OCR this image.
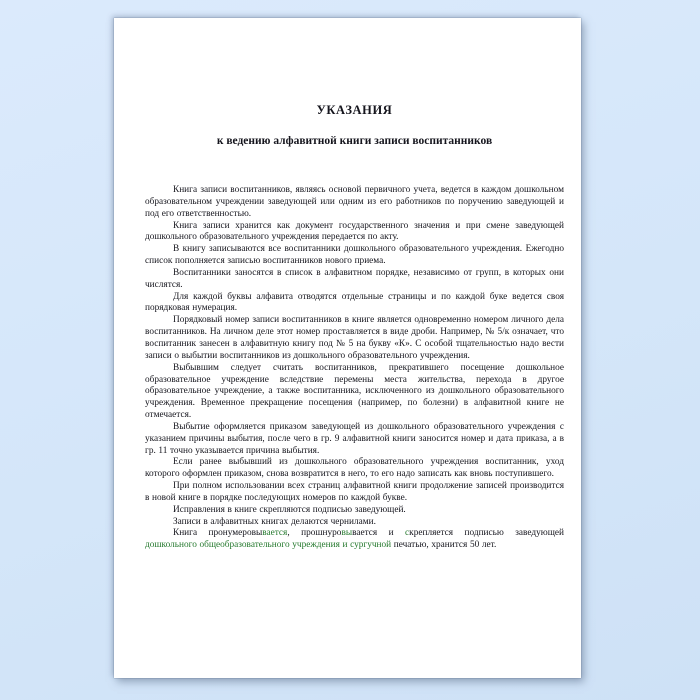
УКАЗАНИЯ
к ведению алфавитной книги записи воспитанников

Книга записи воспитанников, являясь основой первичного учета, ведется в каждом дошкольном образовательном учреждении заведующей или одним из его работников по поручению заведующей и под его ответственностью.

Книга записи хранится как документ государственного значения и при смене заведующей дошкольного образовательного учреждения передается по акту.

В книгу записываются все воспитанники дошкольного образовательного учреждения. Ежегодно список пополняется записью воспитанников нового приема.

Воспитанники заносятся в список в алфавитном порядке, независимо от групп, в которых они числятся.

Для каждой буквы алфавита отводятся отдельные страницы и по каждой буке ведется своя порядковая нумерация.

Порядковый номер записи воспитанников в книге является одновременно номером личного дела воспитанников. На личном деле этот номер проставляется в виде дроби. Например, № 5/к означает, что воспитанник занесен в алфавитную книгу под № 5 на букву «К». С особой тщательностью надо вести записи о выбытии воспитанников из дошкольного образовательного учреждения.

Выбывшим следует считать воспитанников, прекратившего посещение дошкольное образовательное учреждение вследствие перемены места жительства, перехода в другое образовательное учреждение, а также воспитанника, исключенного из дошкольного образовательного учреждения. Временное прекращение посещения (например, по болезни) в алфавитной книге не отмечается.

Выбытие оформляется приказом заведующей из дошкольного образовательного учреждения с указанием причины выбытия, после чего в гр. 9 алфавитной книги заносится номер и дата приказа, а в гр. 11 точно указывается причина выбытия.

Если ранее выбывший из дошкольного образовательного учреждения воспитанник, уход которого оформлен приказом, снова возвратится в него, то его надо записать как вновь поступившего.

При полном использовании всех страниц алфавитной книги продолжение записей производится в новой книге в порядке последующих номеров по каждой букве.

Исправления в книге скрепляются подписью заведующей.

Записи в алфавитных книгах делаются чернилами.

Книга пронумеровывается, прошнуровывается и скрепляется подписью заведующей дошкольного общеобразовательного учреждения и сургучной печатью, хранится 50 лет.
